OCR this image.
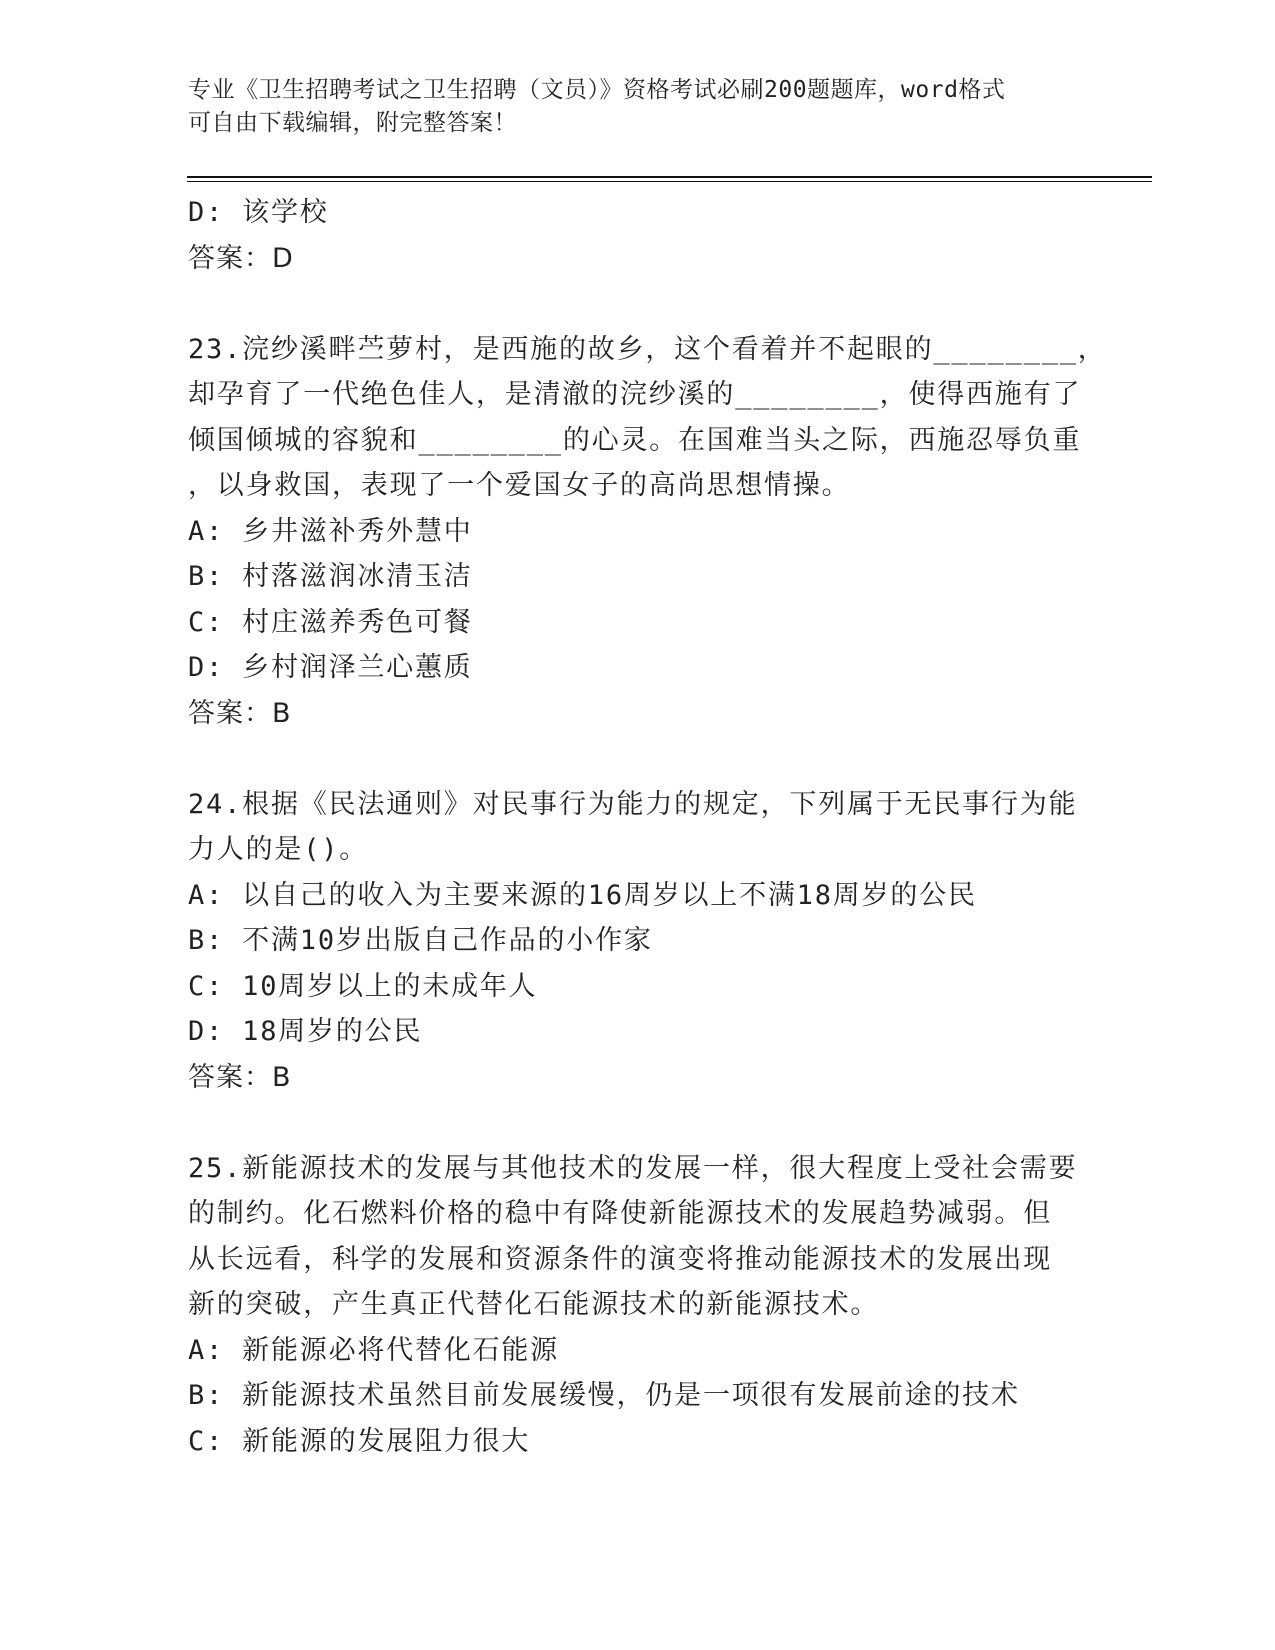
专业《卫生招聘考试之卫生招聘（文员）》资格考试必刷200题题库，word格式
可自由下载编辑，附完整答案！
D: 该学校
答案：D
23.浣纱溪畔苎萝村，是西施的故乡，这个看着并不起眼的________，
却孕育了一代绝色佳人，是清澈的浣纱溪的________，使得西施有了
倾国倾城的容貌和________的心灵。在国难当头之际，西施忍辱负重
，以身救国，表现了一个爱国女子的高尚思想情操。
A: 乡井滋补秀外慧中
B: 村落滋润冰清玉洁
C: 村庄滋养秀色可餐
D: 乡村润泽兰心蕙质
答案：B
24.根据《民法通则》对民事行为能力的规定，下列属于无民事行为能
力人的是()。
A: 以自己的收入为主要来源的16周岁以上不满18周岁的公民
B: 不满10岁出版自己作品的小作家
C: 10周岁以上的未成年人
D: 18周岁的公民
答案：B
25.新能源技术的发展与其他技术的发展一样，很大程度上受社会需要
的制约。化石燃料价格的稳中有降使新能源技术的发展趋势减弱。但
从长远看，科学的发展和资源条件的演变将推动能源技术的发展出现
新的突破，产生真正代替化石能源技术的新能源技术。
A: 新能源必将代替化石能源
B: 新能源技术虽然目前发展缓慢，仍是一项很有发展前途的技术
C: 新能源的发展阻力很大
